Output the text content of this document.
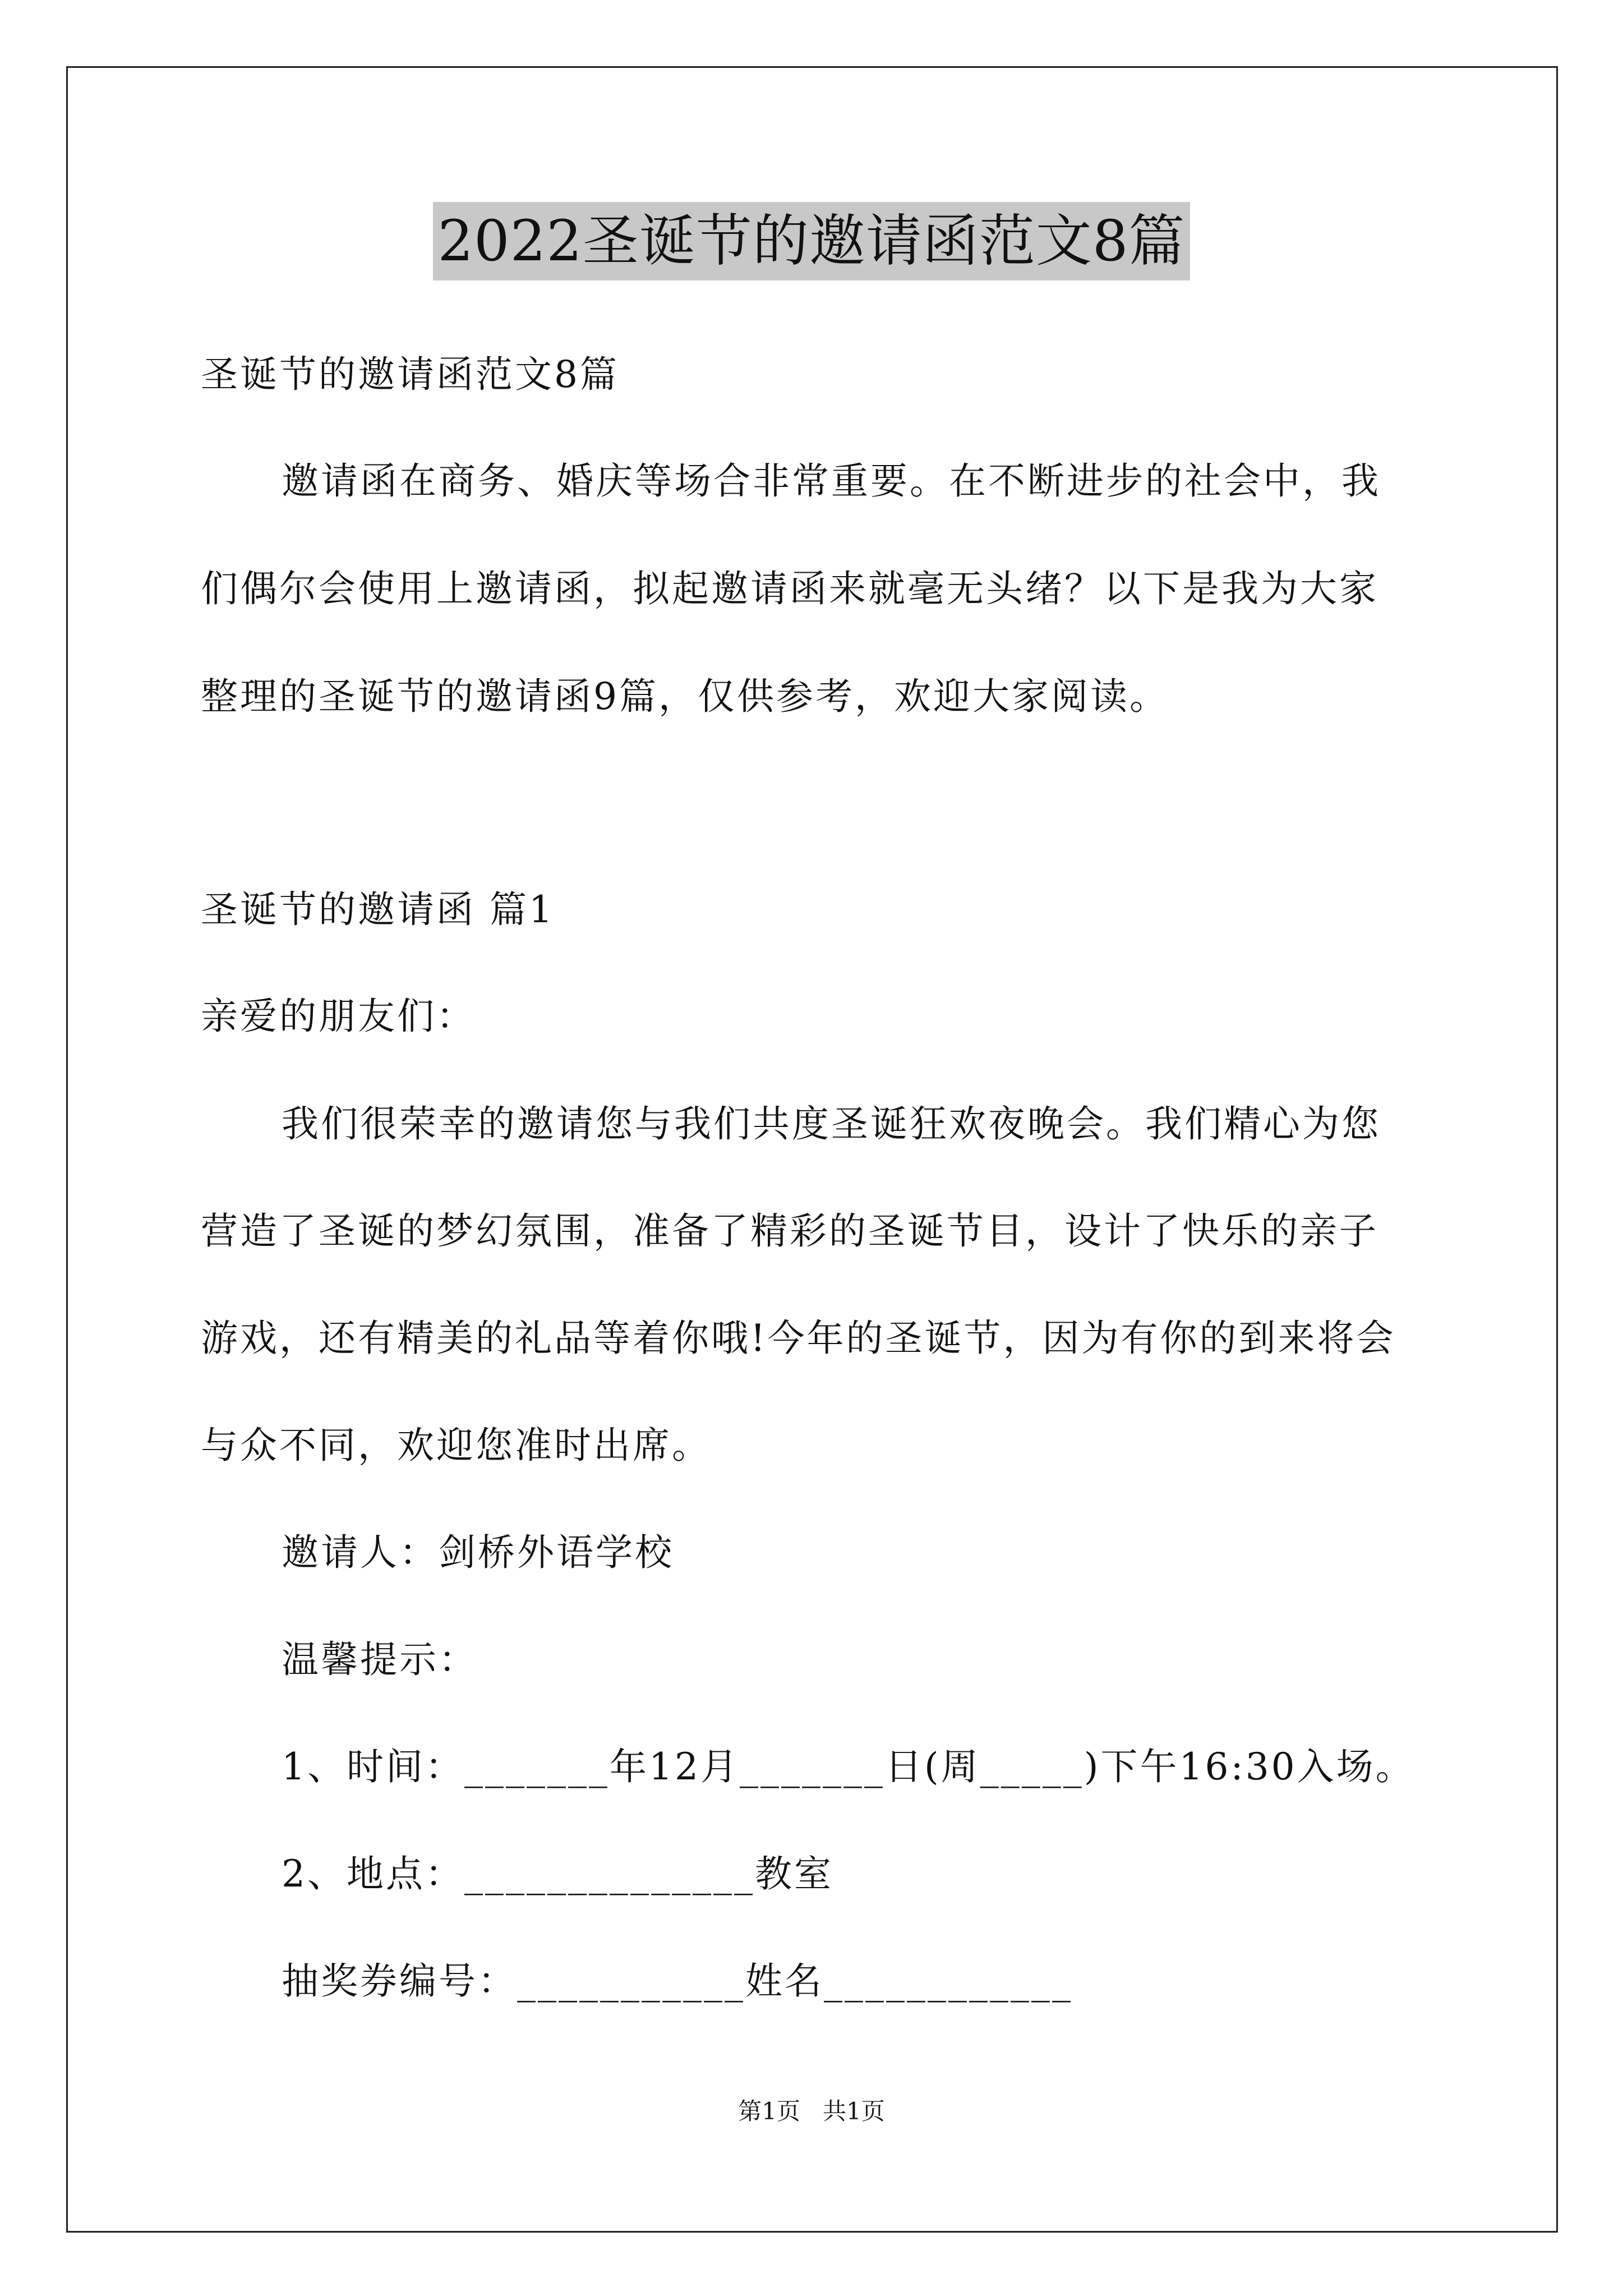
2022圣诞节的邀请函范文8篇
圣诞节的邀请函范文8篇
邀请函在商务、婚庆等场合非常重要。在不断进步的社会中，我
们偶尔会使用上邀请函，拟起邀请函来就毫无头绪？以下是我为大家
整理的圣诞节的邀请函9篇，仅供参考，欢迎大家阅读。
圣诞节的邀请函 篇1
亲爱的朋友们：
我们很荣幸的邀请您与我们共度圣诞狂欢夜晚会。我们精心为您
营造了圣诞的梦幻氛围，准备了精彩的圣诞节目，设计了快乐的亲子
游戏，还有精美的礼品等着你哦!今年的圣诞节，因为有你的到来将会
与众不同，欢迎您准时出席。
邀请人：剑桥外语学校
温馨提示：
1、时间：_______年12月_______日(周_____)下午16:30入场。
2、地点：______________教室
抽奖券编号：___________姓名____________
第1页   共1页
